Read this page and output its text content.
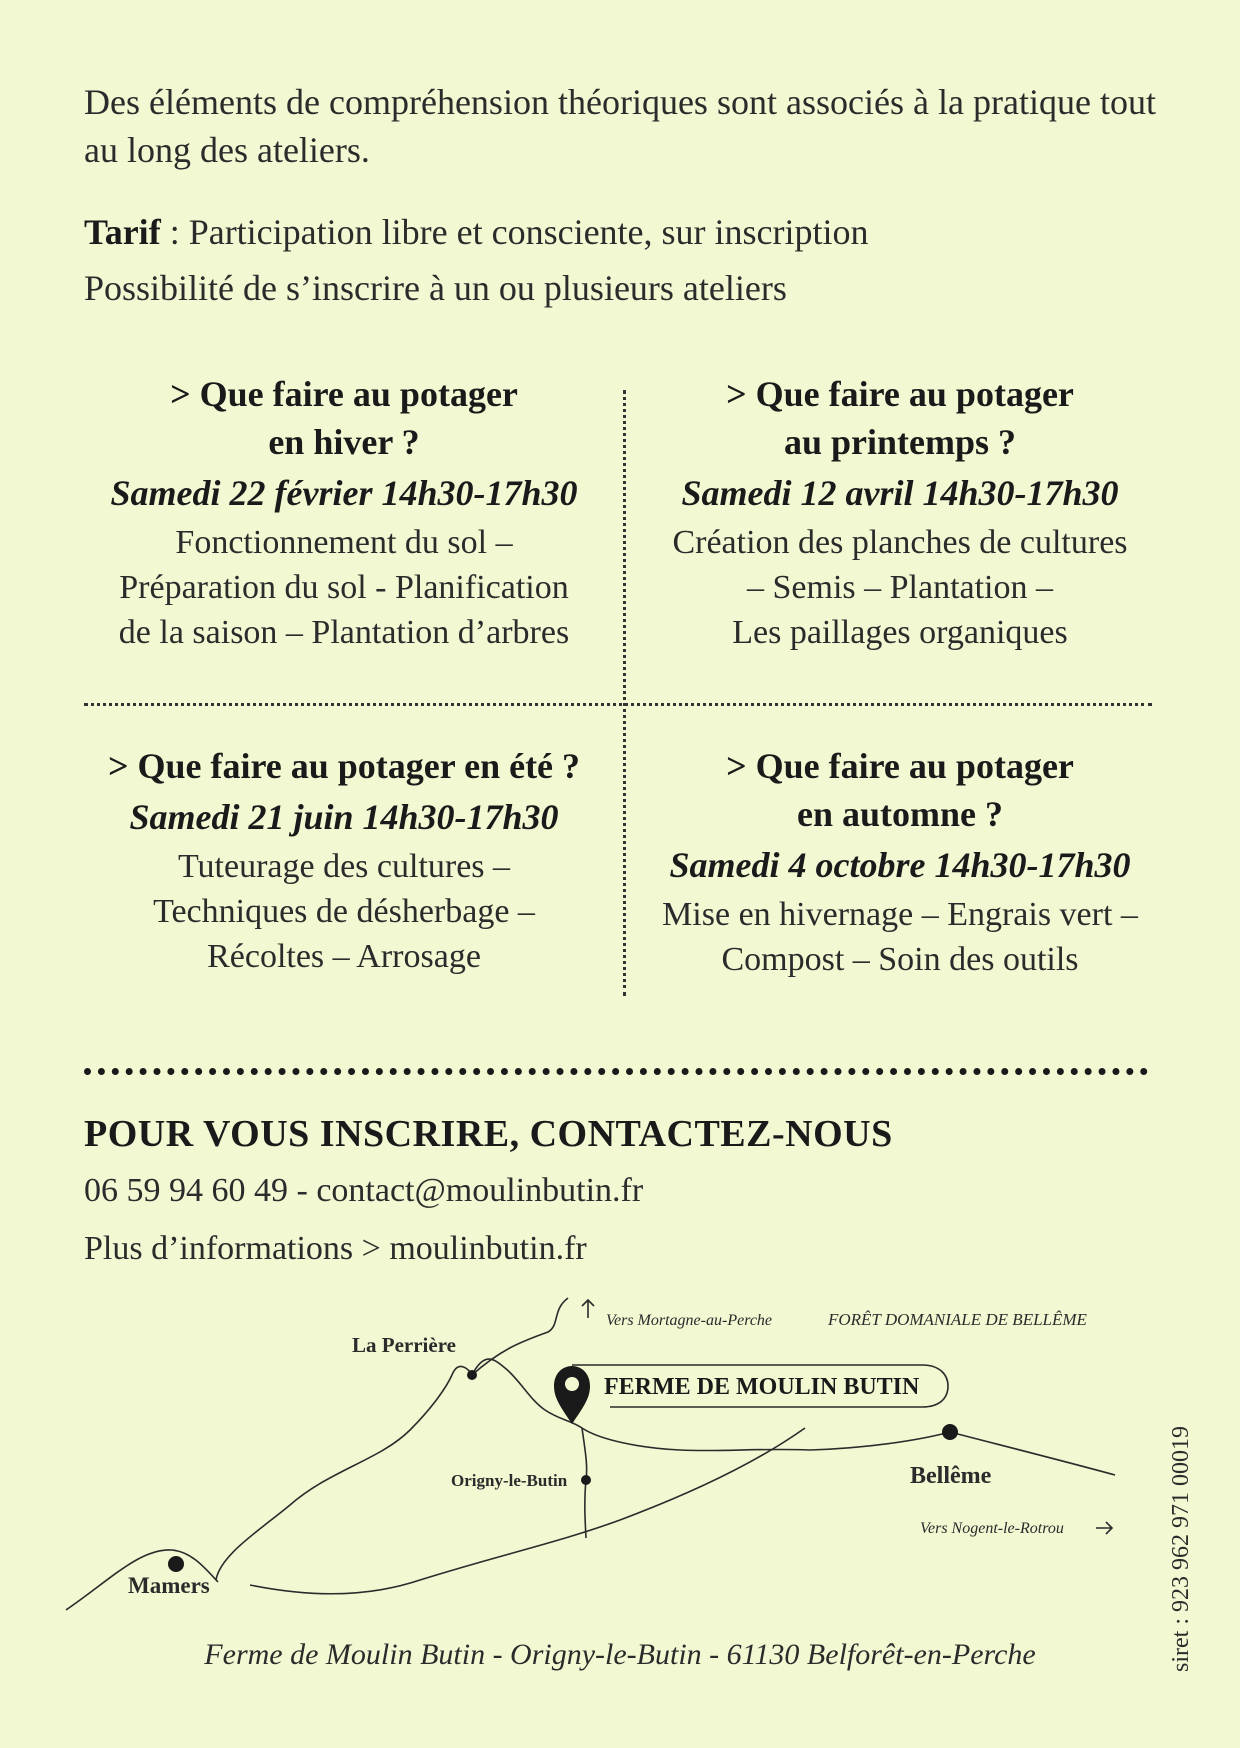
Des éléments de compréhension théoriques sont associés à la pratique tout au long des ateliers.
Tarif : Participation libre et consciente, sur inscription
Possibilité de s’inscrire à un ou plusieurs ateliers
> Que faire au potager
en hiver ?
Samedi 22 février 14h30-17h30
Fonctionnement du sol –
Préparation du sol - Planification
de la saison – Plantation d’arbres
> Que faire au potager
au printemps ?
Samedi 12 avril 14h30-17h30
Création des planches de cultures
– Semis – Plantation –
Les paillages organiques
> Que faire au potager en été ?
Samedi 21 juin 14h30-17h30
Tuteurage des cultures –
Techniques de désherbage –
Récoltes – Arrosage
> Que faire au potager
en automne ?
Samedi 4 octobre 14h30-17h30
Mise en hivernage – Engrais vert –
Compost – Soin des outils
POUR VOUS INSCRIRE, CONTACTEZ-NOUS
06 59 94 60 49 - contact@moulinbutin.fr
Plus d’informations > moulinbutin.fr
La Perrière
Vers Mortagne-au-Perche	FORÊT DOMANIALE DE BELLÊME
FERME DE MOULIN BUTIN
Origny-le-Butin	Bellême
Vers Nogent-le-Rotrou
Mamers
Ferme de Moulin Butin - Origny-le-Butin - 61130 Belforêt-en-Perche	siret : 923 962 971 00019
